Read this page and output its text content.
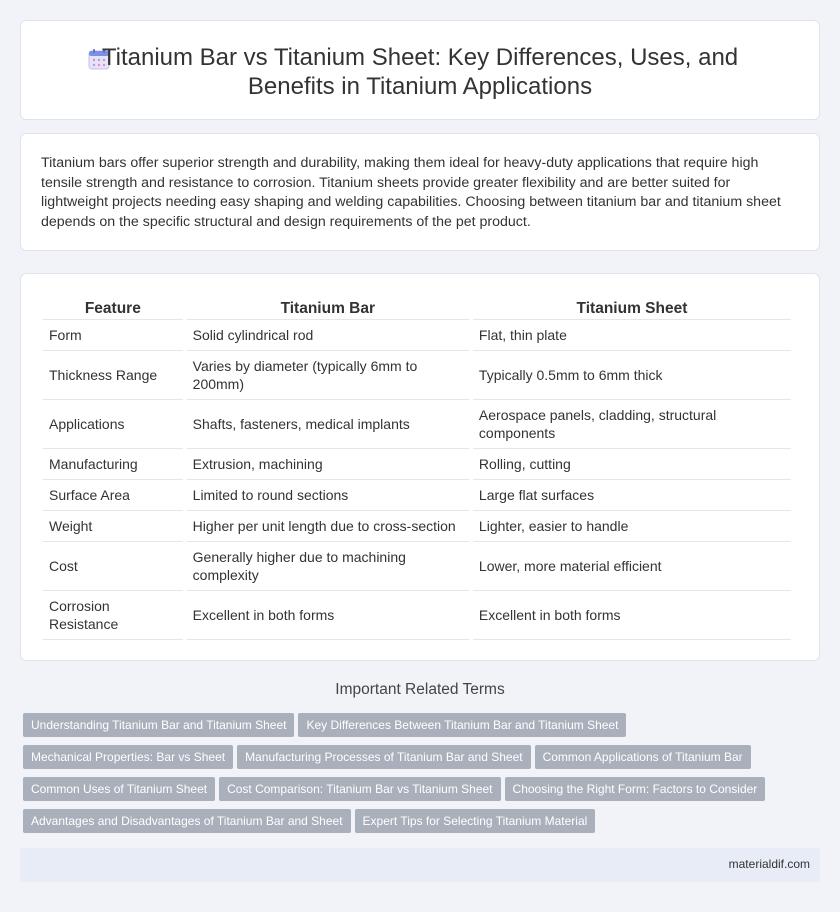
Titanium Bar vs Titanium Sheet: Key Differences, Uses, and Benefits in Titanium Applications

Titanium bars offer superior strength and durability, making them ideal for heavy-duty applications that require high tensile strength and resistance to corrosion. Titanium sheets provide greater flexibility and are better suited for lightweight projects needing easy shaping and welding capabilities. Choosing between titanium bar and titanium sheet depends on the specific structural and design requirements of the pet product.

Feature	Titanium Bar	Titanium Sheet
Form	Solid cylindrical rod	Flat, thin plate
Thickness Range	Varies by diameter (typically 6mm to 200mm)	Typically 0.5mm to 6mm thick
Applications	Shafts, fasteners, medical implants	Aerospace panels, cladding, structural components
Manufacturing	Extrusion, machining	Rolling, cutting
Surface Area	Limited to round sections	Large flat surfaces
Weight	Higher per unit length due to cross-section	Lighter, easier to handle
Cost	Generally higher due to machining complexity	Lower, more material efficient
Corrosion Resistance	Excellent in both forms	Excellent in both forms
Important Related Terms
Understanding Titanium Bar and Titanium Sheet Key Differences Between Titanium Bar and Titanium Sheet
Mechanical Properties: Bar vs Sheet Manufacturing Processes of Titanium Bar and Sheet Common Applications of Titanium Bar
Common Uses of Titanium Sheet Cost Comparison: Titanium Bar vs Titanium Sheet Choosing the Right Form: Factors to Consider
Advantages and Disadvantages of Titanium Bar and Sheet Expert Tips for Selecting Titanium Material
materialdif.com
